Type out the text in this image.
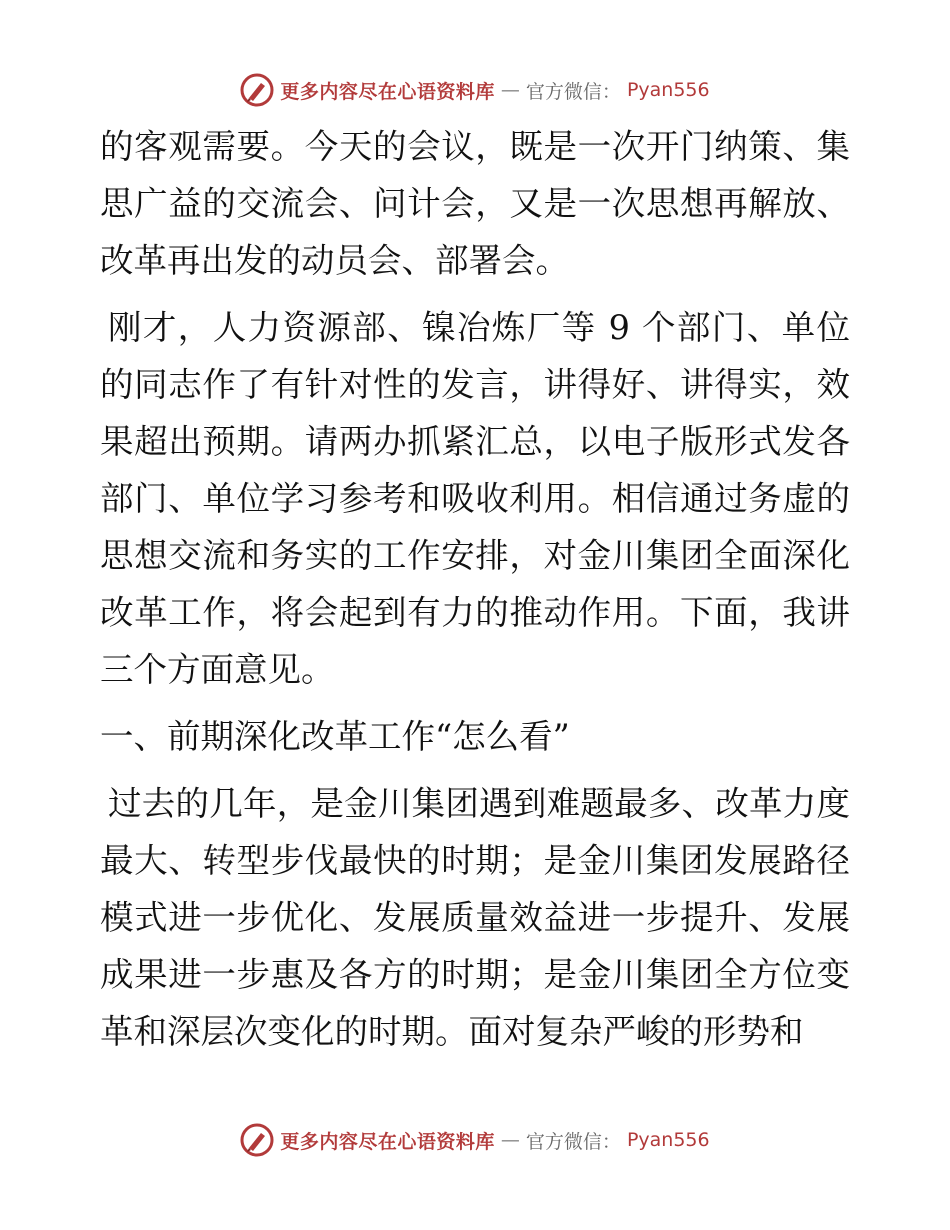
更多内容尽在心语资料库 — 官方微信： Pyan556

的客观需要。今天的会议，既是一次开门纳策、集思广益的交流会、问计会，又是一次思想再解放、改革再出发的动员会、部署会。

刚才，人力资源部、镍冶炼厂等 9 个部门、单位的同志作了有针对性的发言，讲得好、讲得实，效果超出预期。请两办抓紧汇总，以电子版形式发各部门、单位学习参考和吸收利用。相信通过务虚的思想交流和务实的工作安排，对金川集团全面深化改革工作，将会起到有力的推动作用。下面，我讲三个方面意见。

一、前期深化改革工作“怎么看”

过去的几年，是金川集团遇到难题最多、改革力度最大、转型步伐最快的时期；是金川集团发展路径模式进一步优化、发展质量效益进一步提升、发展成果进一步惠及各方的时期；是金川集团全方位变革和深层次变化的时期。面对复杂严峻的形势和

更多内容尽在心语资料库 — 官方微信： Pyan556
